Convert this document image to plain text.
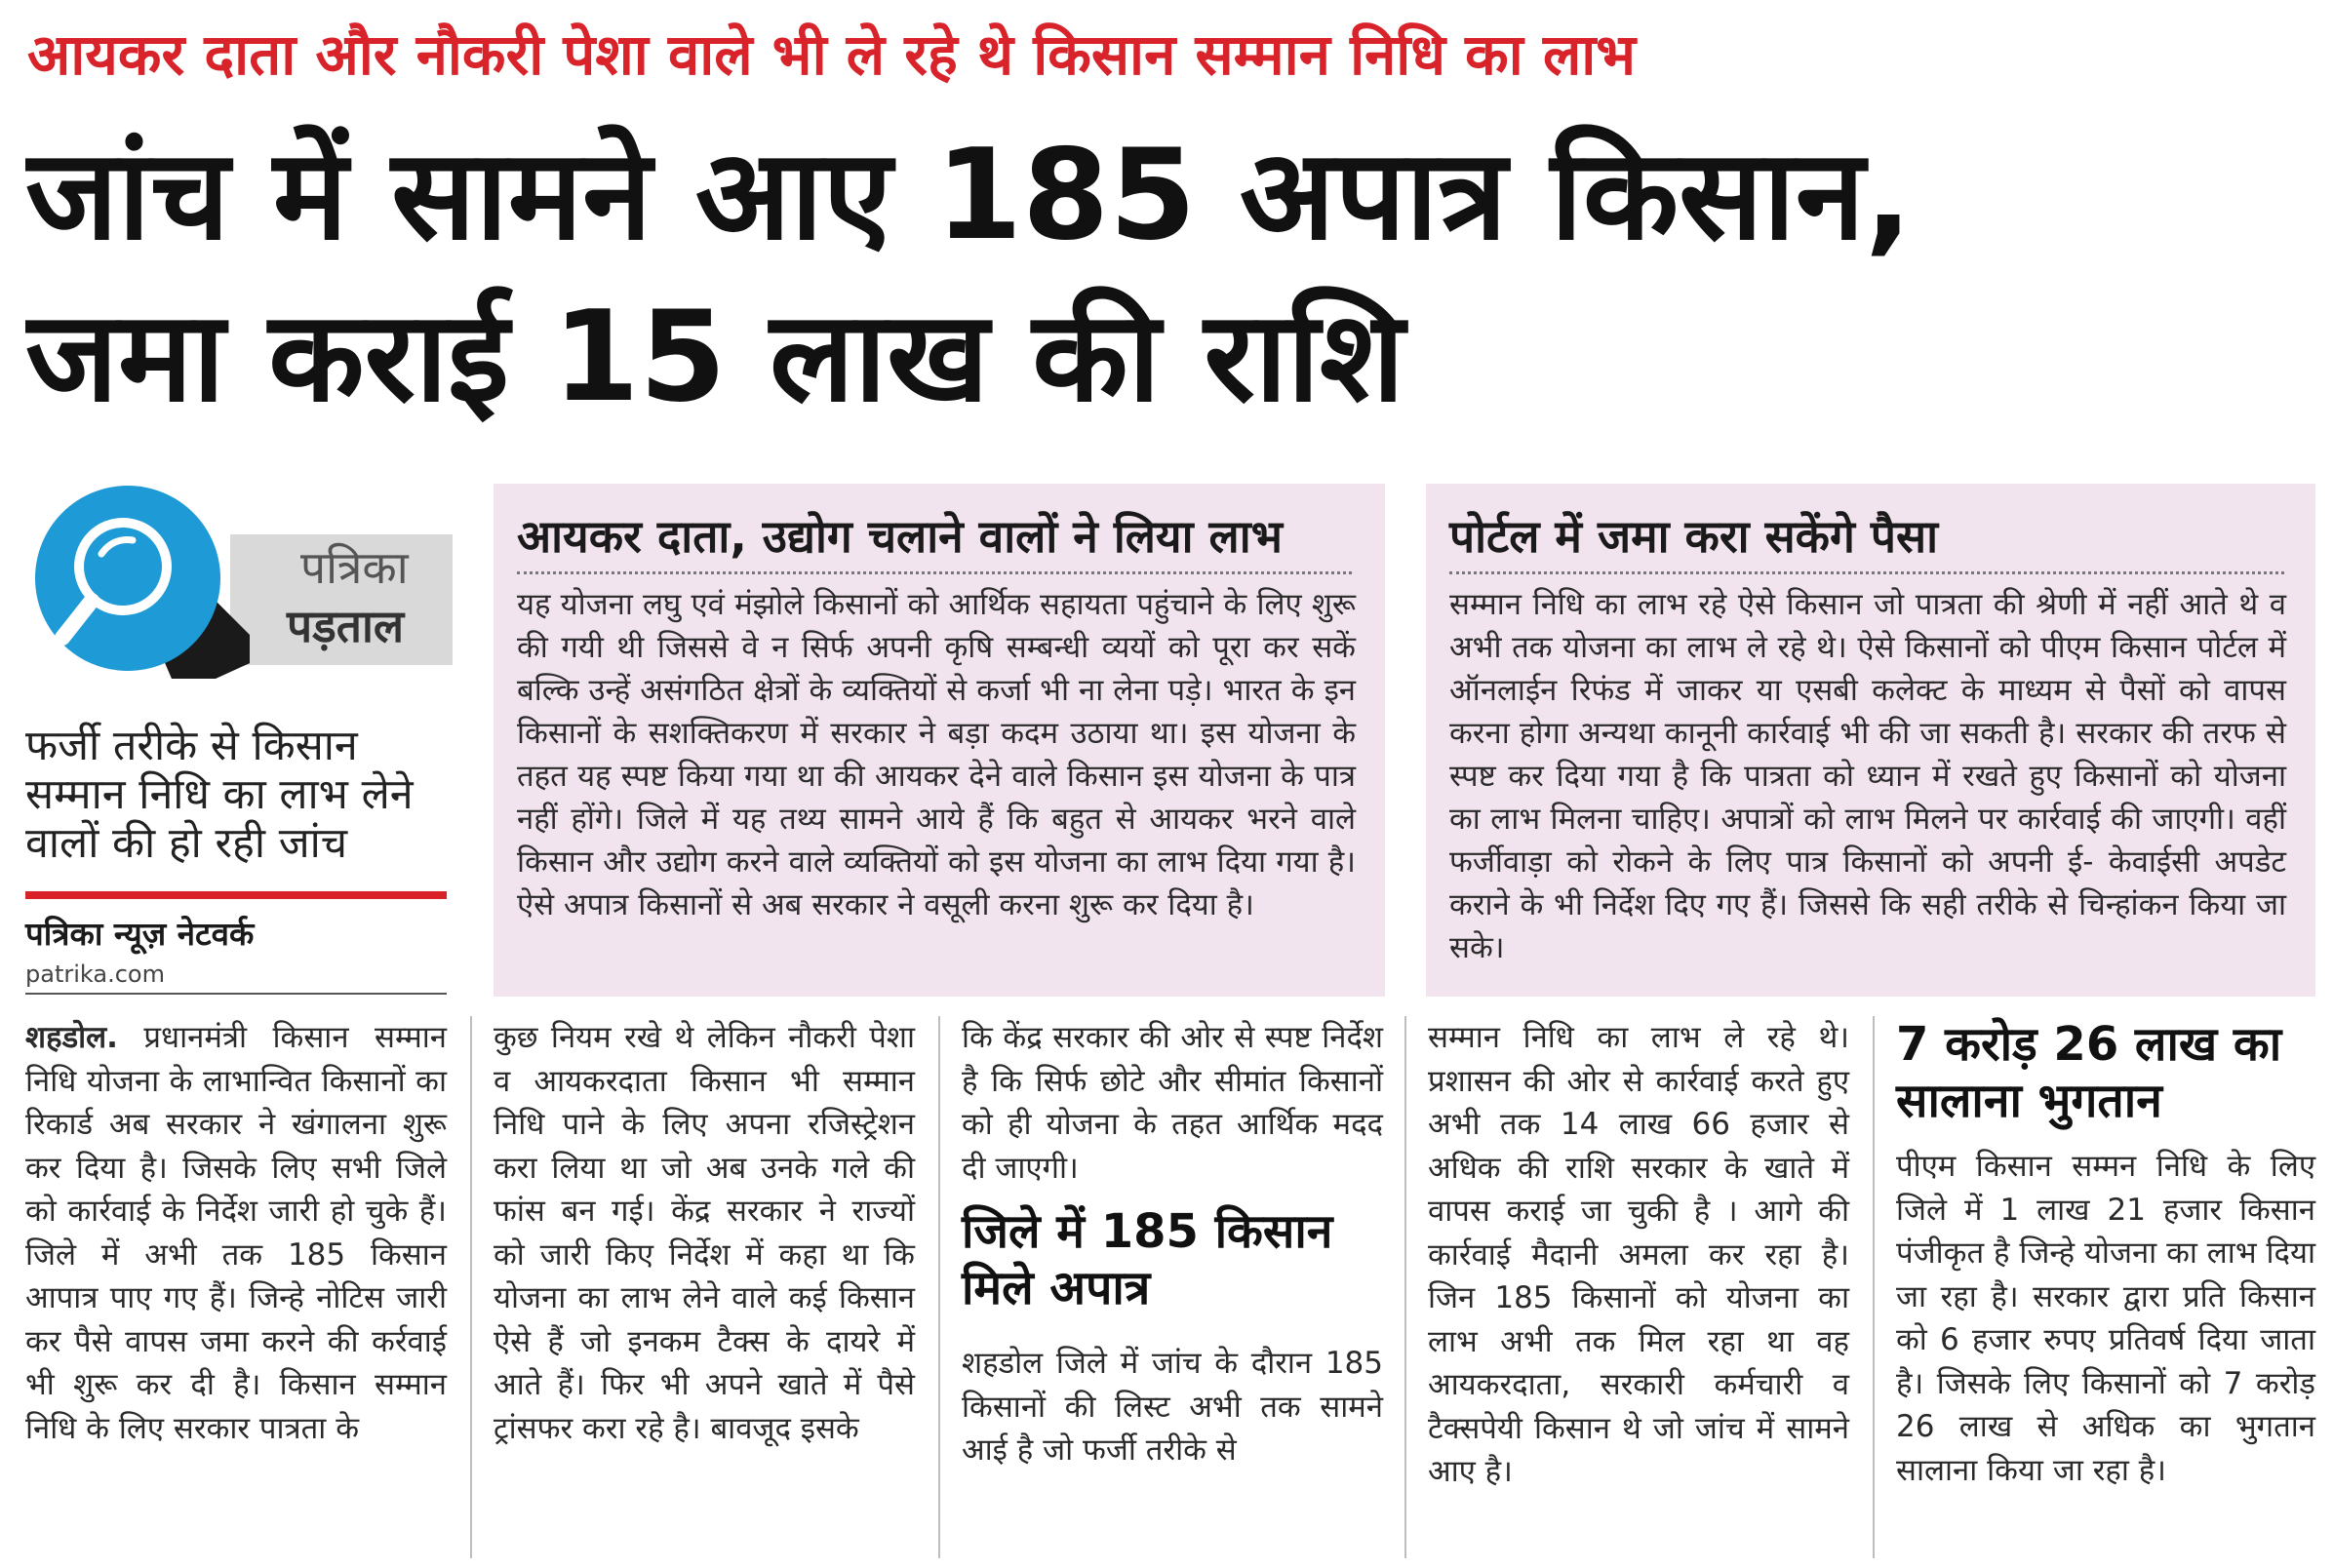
आयकर दाता और नौकरी पेशा वाले भी ले रहे थे किसान सम्मान निधि का लाभ
जांच में सामने आए 185 अपात्र किसान,
जमा कराई 15 लाख की राशि
पत्रिका
पड़ताल
फर्जी तरीके से किसान सम्मान निधि का लाभ लेने वालों की हो रही जांच
पत्रिका न्यूज़ नेटवर्क
patrika.com
आयकर दाता, उद्योग चलाने वालों ने लिया लाभ
यह योजना लघु एवं मंझोले किसानों को आर्थिक सहायता पहुंचाने के लिए शुरू की गयी थी जिससे वे न सिर्फ अपनी कृषि सम्बन्धी व्ययों को पूरा कर सकें बल्कि उन्हें असंगठित क्षेत्रों के व्यक्तियों से कर्जा भी ना लेना पड़े। भारत के इन किसानों के सशक्तिकरण में सरकार ने बड़ा कदम उठाया था। इस योजना के तहत यह स्पष्ट किया गया था की आयकर देने वाले किसान इस योजना के पात्र नहीं होंगे। जिले में यह तथ्य सामने आये हैं कि बहुत से आयकर भरने वाले किसान और उद्योग करने वाले व्यक्तियों को इस योजना का लाभ दिया गया है। ऐसे अपात्र किसानों से अब सरकार ने वसूली करना शुरू कर दिया है।
पोर्टल में जमा करा सकेंगे पैसा
सम्मान निधि का लाभ रहे ऐसे किसान जो पात्रता की श्रेणी में नहीं आते थे व अभी तक योजना का लाभ ले रहे थे। ऐसे किसानों को पीएम किसान पोर्टल में ऑनलाईन रिफंड में जाकर या एसबी कलेक्ट के माध्यम से पैसों को वापस करना होगा अन्यथा कानूनी कार्रवाई भी की जा सकती है। सरकार की तरफ से स्पष्ट कर दिया गया है कि पात्रता को ध्यान में रखते हुए किसानों को योजना का लाभ मिलना चाहिए। अपात्रों को लाभ मिलने पर कार्रवाई की जाएगी। वहीं फर्जीवाड़ा को रोकने के लिए पात्र किसानों को अपनी ई- केवाईसी अपडेट कराने के भी निर्देश दिए गए हैं। जिससे कि सही तरीके से चिन्हांकन किया जा सके।
शहडोल. प्रधानमंत्री किसान सम्मान निधि योजना के लाभान्वित किसानों का रिकार्ड अब सरकार ने खंगालना शुरू कर दिया है। जिसके लिए सभी जिले को कार्रवाई के निर्देश जारी हो चुके हैं। जिले में अभी तक 185 किसान आपात्र पाए गए हैं। जिन्हे नोटिस जारी कर पैसे वापस जमा करने की कर्रवाई भी शुरू कर दी है। किसान सम्मान निधि के लिए सरकार पात्रता के
कुछ नियम रखे थे लेकिन नौकरी पेशा व आयकरदाता किसान भी सम्मान निधि पाने के लिए अपना रजिस्ट्रेशन करा लिया था जो अब उनके गले की फांस बन गई। केंद्र सरकार ने राज्यों को जारी किए निर्देश में कहा था कि योजना का लाभ लेने वाले कई किसान ऐसे हैं जो इनकम टैक्स के दायरे में आते हैं। फिर भी अपने खाते में पैसे ट्रांसफर करा रहे है। बावजूद इसके
कि केंद्र सरकार की ओर से स्पष्ट निर्देश है कि सिर्फ छोटे और सीमांत किसानों को ही योजना के तहत आर्थिक मदद दी जाएगी।
जिले में 185 किसान मिले अपात्र
शहडोल जिले में जांच के दौरान 185 किसानों की लिस्ट अभी तक सामने आई है जो फर्जी तरीके से
सम्मान निधि का लाभ ले रहे थे। प्रशासन की ओर से कार्रवाई करते हुए अभी तक 14 लाख 66 हजार से अधिक की राशि सरकार के खाते में वापस कराई जा चुकी है । आगे की कार्रवाई मैदानी अमला कर रहा है। जिन 185 किसानों को योजना का लाभ अभी तक मिल रहा था वह आयकरदाता, सरकारी कर्मचारी व टैक्सपेयी किसान थे जो जांच में सामने आए है।
7 करोड़ 26 लाख का सालाना भुगतान
पीएम किसान सम्मन निधि के लिए जिले में 1 लाख 21 हजार किसान पंजीकृत है जिन्हे योजना का लाभ दिया जा रहा है। सरकार द्वारा प्रति किसान को 6 हजार रुपए प्रतिवर्ष दिया जाता है। जिसके लिए किसानों को 7 करोड़ 26 लाख से अधिक का भुगतान सालाना किया जा रहा है।
